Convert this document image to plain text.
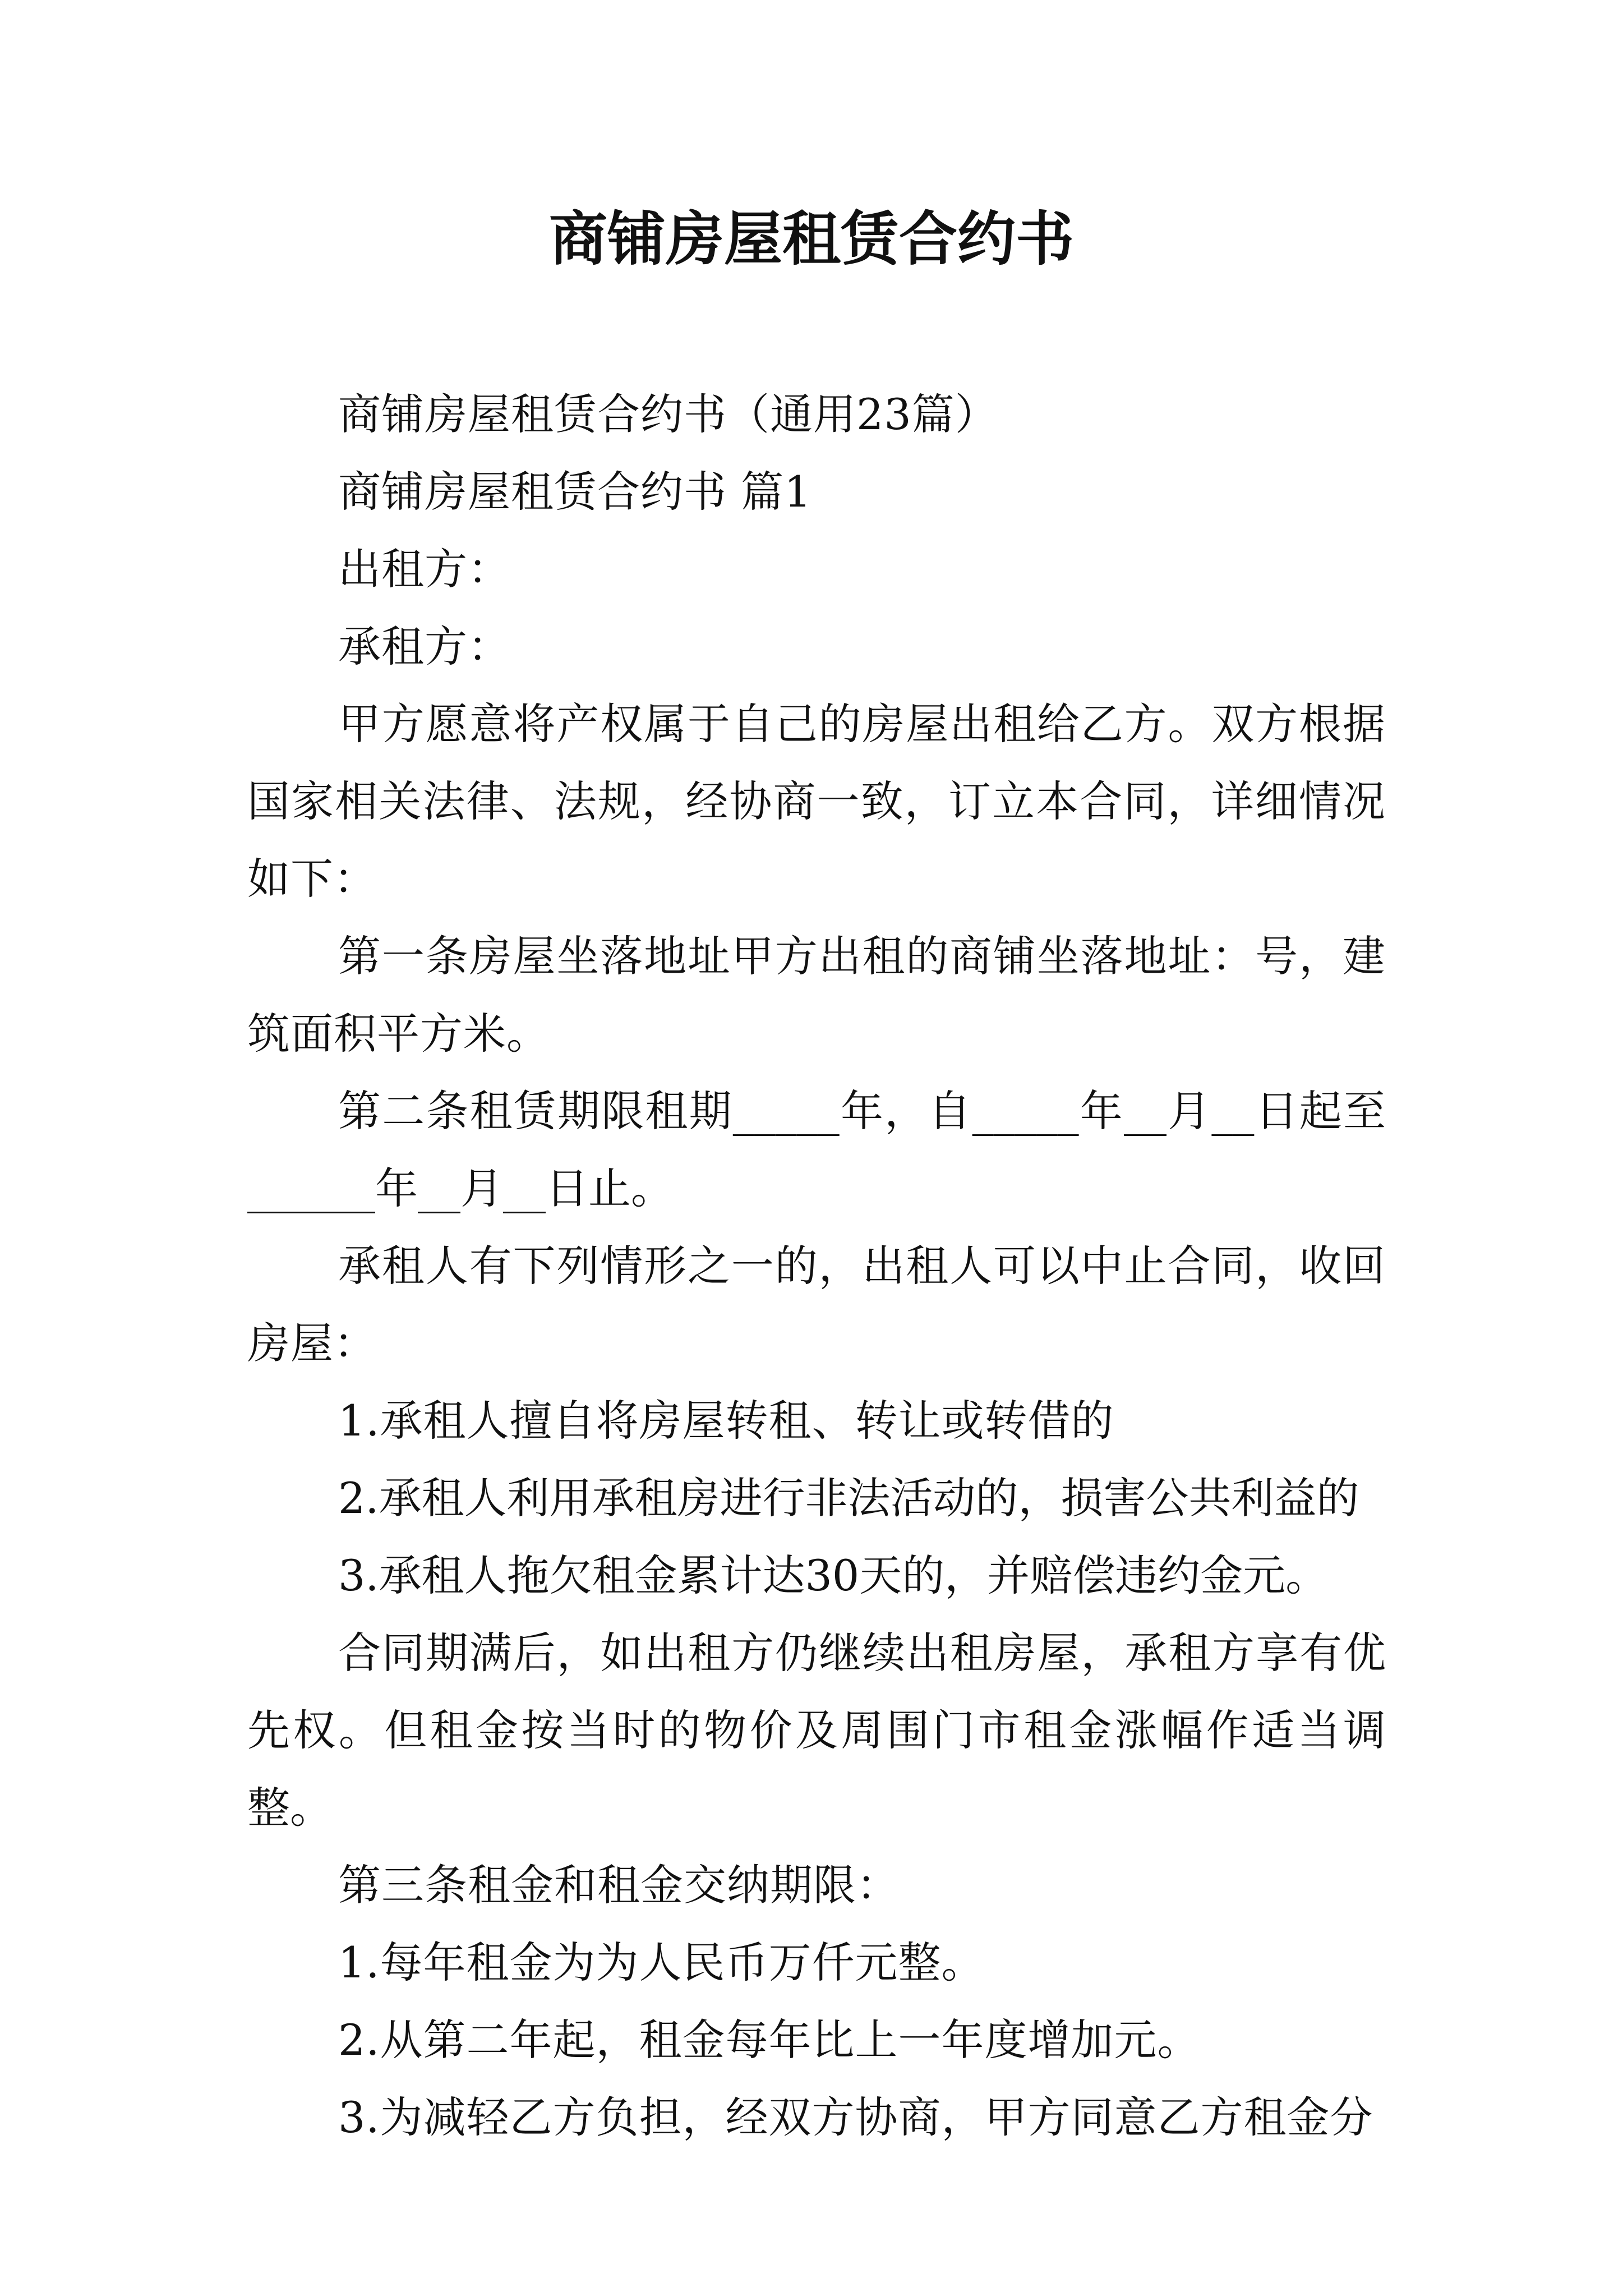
商铺房屋租赁合约书

商铺房屋租赁合约书（通用23篇）

商铺房屋租赁合约书 篇1

出租方：

承租方：

甲方愿意将产权属于自己的房屋出租给乙方。双方根据国家相关法律、法规，经协商一致，订立本合同，详细情况如下：

第一条房屋坐落地址甲方出租的商铺坐落地址：号，建筑面积平方米。

第二条租赁期限租期_____年，自_____年__月__日起至______年__月__日止。

承租人有下列情形之一的，出租人可以中止合同，收回房屋：

1.承租人擅自将房屋转租、转让或转借的

2.承租人利用承租房进行非法活动的，损害公共利益的

3.承租人拖欠租金累计达30天的，并赔偿违约金元。

合同期满后，如出租方仍继续出租房屋，承租方享有优先权。但租金按当时的物价及周围门市租金涨幅作适当调整。

第三条租金和租金交纳期限：

1.每年租金为为人民币万仟元整。

2.从第二年起，租金每年比上一年度增加元。

3.为减轻乙方负担，经双方协商，甲方同意乙方租金分
